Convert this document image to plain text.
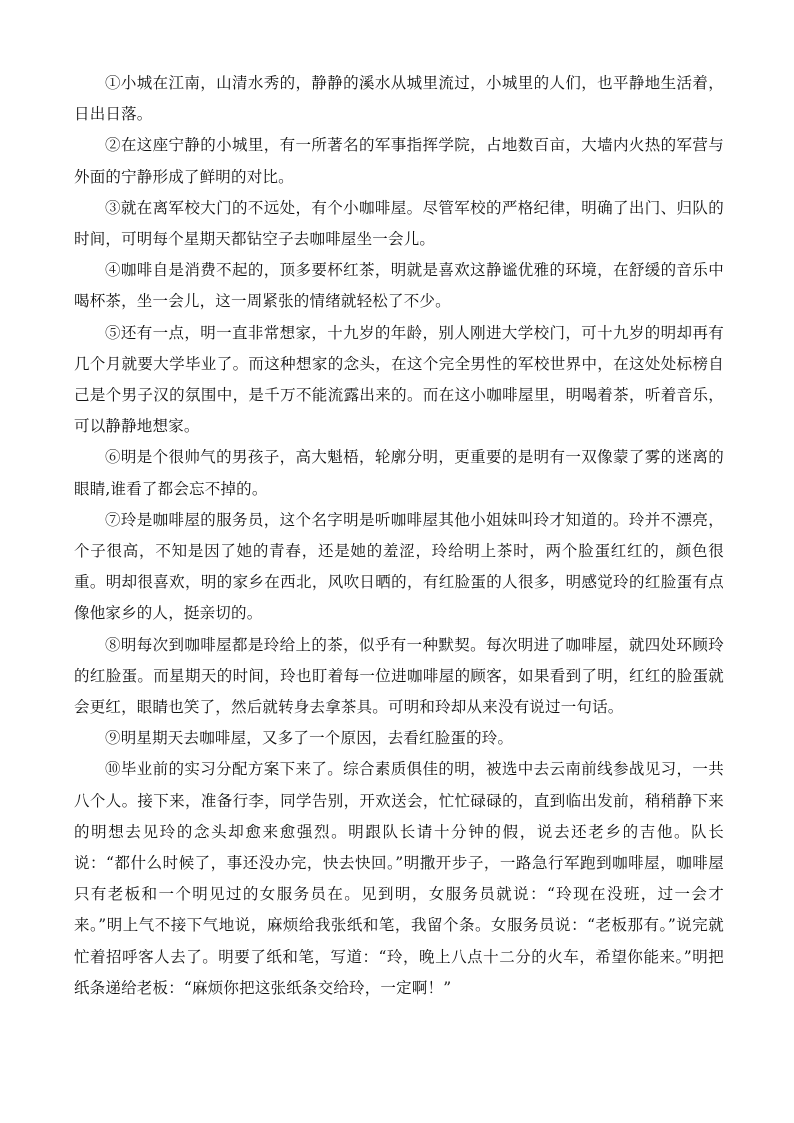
①小城在江南，山清水秀的，静静的溪水从城里流过，小城里的人们，也平静地生活着，日出日落。

②在这座宁静的小城里，有一所著名的军事指挥学院，占地数百亩，大墙内火热的军营与外面的宁静形成了鲜明的对比。

③就在离军校大门的不远处，有个小咖啡屋。尽管军校的严格纪律，明确了出门、归队的时间，可明每个星期天都钻空子去咖啡屋坐一会儿。

④咖啡自是消费不起的，顶多要杯红茶，明就是喜欢这静谧优雅的环境，在舒缓的音乐中喝杯茶，坐一会儿，这一周紧张的情绪就轻松了不少。

⑤还有一点，明一直非常想家，十九岁的年龄，别人刚进大学校门，可十九岁的明却再有几个月就要大学毕业了。而这种想家的念头，在这个完全男性的军校世界中，在这处处标榜自己是个男子汉的氛围中，是千万不能流露出来的。而在这小咖啡屋里，明喝着茶，听着音乐，可以静静地想家。

⑥明是个很帅气的男孩子，高大魁梧，轮廓分明，更重要的是明有一双像蒙了雾的迷离的眼睛,谁看了都会忘不掉的。

⑦玲是咖啡屋的服务员，这个名字明是听咖啡屋其他小姐妹叫玲才知道的。玲并不漂亮，个子很高，不知是因了她的青春，还是她的羞涩，玲给明上茶时，两个脸蛋红红的，颜色很重。明却很喜欢，明的家乡在西北，风吹日晒的，有红脸蛋的人很多，明感觉玲的红脸蛋有点像他家乡的人，挺亲切的。

⑧明每次到咖啡屋都是玲给上的茶，似乎有一种默契。每次明进了咖啡屋，就四处环顾玲的红脸蛋。而星期天的时间，玲也盯着每一位进咖啡屋的顾客，如果看到了明，红红的脸蛋就会更红，眼睛也笑了，然后就转身去拿茶具。可明和玲却从来没有说过一句话。

⑨明星期天去咖啡屋，又多了一个原因，去看红脸蛋的玲。

⑩毕业前的实习分配方案下来了。综合素质俱佳的明，被选中去云南前线参战见习，一共八个人。接下来，准备行李，同学告别，开欢送会，忙忙碌碌的，直到临出发前，稍稍静下来的明想去见玲的念头却愈来愈强烈。明跟队长请十分钟的假，说去还老乡的吉他。队长说：“都什么时候了，事还没办完，快去快回。”明撒开步子，一路急行军跑到咖啡屋，咖啡屋只有老板和一个明见过的女服务员在。见到明，女服务员就说：“玲现在没班，过一会才来。”明上气不接下气地说，麻烦给我张纸和笔，我留个条。女服务员说：“老板那有。”说完就忙着招呼客人去了。明要了纸和笔，写道：“玲，晚上八点十二分的火车，希望你能来。”明把纸条递给老板：“麻烦你把这张纸条交给玲，一定啊！”
